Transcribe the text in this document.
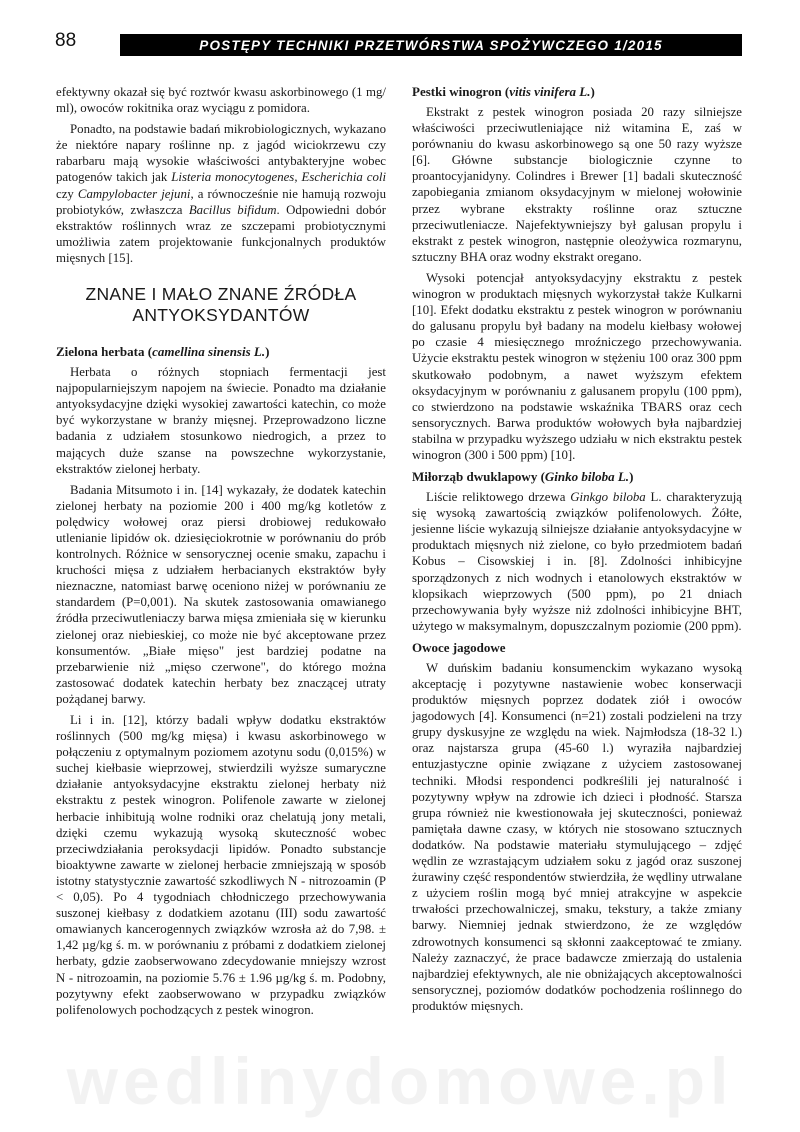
88	POSTĘPY TECHNIKI PRZETWÓRSTWA SPOŻYWCZEGO 1/2015

efektywny okazał się być roztwór kwasu askorbinowego (1 mg/ ml), owoców rokitnika oraz wyciągu z pomidora.

Ponadto, na podstawie badań mikrobiologicznych, wykazano że niektóre napary roślinne np. z jagód wiciokrzewu czy rabarbaru mają wysokie właściwości antybakteryjne wobec patogenów takich jak Listeria monocytogenes, Escherichia coli czy Campylobacter jejuni, a równocześnie nie hamują rozwoju probiotyków, zwłaszcza Bacillus bifidum. Odpowiedni dobór ekstraktów roślinnych wraz ze szczepami probiotycznymi umożliwia zatem projektowanie funkcjonalnych produktów mięsnych [15].

ZNANE I MAŁO ZNANE ŹRÓDŁA ANTYOKSYDANTÓW
Zielona herbata (camellina sinensis L.)

Herbata o różnych stopniach fermentacji jest najpopularniejszym napojem na świecie. Ponadto ma działanie antyoksydacyjne dzięki wysokiej zawartości katechin, co może być wykorzystane w branży mięsnej. Przeprowadzono liczne badania z udziałem stosunkowo niedrogich, a przez to mających duże szanse na powszechne wykorzystanie, ekstraktów zielonej herbaty.

Badania Mitsumoto i in. [14] wykazały, że dodatek katechin zielonej herbaty na poziomie 200 i 400 mg/kg kotletów z polędwicy wołowej oraz piersi drobiowej redukowało utlenianie lipidów ok. dziesięciokrotnie w porównaniu do prób kontrolnych. Różnice w sensorycznej ocenie smaku, zapachu i kruchości mięsa z udziałem herbacianych ekstraktów były nieznaczne, natomiast barwę oceniono niżej w porównaniu ze standardem (P=0,001). Na skutek zastosowania omawianego źródła przeciwutleniaczy barwa mięsa zmieniała się w kierunku zielonej oraz niebieskiej, co może nie być akceptowane przez konsumentów. „Białe mięso" jest bardziej podatne na przebarwienie niż „mięso czerwone", do którego można zastosować dodatek katechin herbaty bez znaczącej utraty pożądanej barwy.

Li i in. [12], którzy badali wpływ dodatku ekstraktów roślinnych (500 mg/kg mięsa) i kwasu askorbinowego w połączeniu z optymalnym poziomem azotynu sodu (0,015%) w suchej kiełbasie wieprzowej, stwierdzili wyższe sumaryczne działanie antyoksydacyjne ekstraktu zielonej herbaty niż ekstraktu z pestek winogron. Polifenole zawarte w zielonej herbacie inhibitują wolne rodniki oraz chelatują jony metali, dzięki czemu wykazują wysoką skuteczność wobec przeciwdziałania peroksydacji lipidów. Ponadto substancje bioaktywne zawarte w zielonej herbacie zmniejszają w sposób istotny statystycznie zawartość szkodliwych N - nitrozoamin (P < 0,05). Po 4 tygodniach chłodniczego przechowywania suszonej kiełbasy z dodatkiem azotanu (III) sodu zawartość omawianych kancerogennych związków wzrosła aż do 7,98. ± 1,42 µg/kg ś. m. w porównaniu z próbami z dodatkiem zielonej herbaty, gdzie zaobserwowano zdecydowanie mniejszy wzrost N - nitrozoamin, na poziomie 5.76 ± 1.96 µg/kg ś. m. Podobny, pozytywny efekt zaobserwowano w przypadku związków polifenolowych pochodzących z pestek winogron.

Pestki winogron (vitis vinifera L.)

Ekstrakt z pestek winogron posiada 20 razy silniejsze właściwości przeciwutleniające niż witamina E, zaś w porównaniu do kwasu askorbinowego są one 50 razy wyższe [6]. Główne substancje biologicznie czynne to proantocyjanidyny. Colindres i Brewer [1] badali skuteczność zapobiegania zmianom oksydacyjnym w mielonej wołowinie przez wybrane ekstrakty roślinne oraz sztuczne przeciwutleniacze. Najefektywniejszy był galusan propylu i ekstrakt z pestek winogron, następnie oleożywica rozmarynu, sztuczny BHA oraz wodny ekstrakt oregano.

Wysoki potencjał antyoksydacyjny ekstraktu z pestek winogron w produktach mięsnych wykorzystał także Kulkarni [10]. Efekt dodatku ekstraktu z pestek winogron w porównaniu do galusanu propylu był badany na modelu kiełbasy wołowej po czasie 4 miesięcznego mroźniczego przechowywania. Użycie ekstraktu pestek winogron w stężeniu 100 oraz 300 ppm skutkowało podobnym, a nawet wyższym efektem oksydacyjnym w porównaniu z galusanem propylu (100 ppm), co stwierdzono na podstawie wskaźnika TBARS oraz cech sensorycznych. Barwa produktów wołowych była najbardziej stabilna w przypadku wyższego udziału w nich ekstraktu pestek winogron (300 i 500 ppm) [10].

Miłorząb dwuklapowy (Ginko biloba L.)

Liście reliktowego drzewa Ginkgo biloba L. charakteryzują się wysoką zawartością związków polifenolowych. Żółte, jesienne liście wykazują silniejsze działanie antyoksydacyjne w produktach mięsnych niż zielone, co było przedmiotem badań Kobus – Cisowskiej i in. [8]. Zdolności inhibicyjne sporządzonych z nich wodnych i etanolowych ekstraktów w klopsikach wieprzowych (500 ppm), po 21 dniach przechowywania były wyższe niż zdolności inhibicyjne BHT, użytego w maksymalnym, dopuszczalnym poziomie (200 ppm).

Owoce jagodowe

W duńskim badaniu konsumenckim wykazano wysoką akceptację i pozytywne nastawienie wobec konserwacji produktów mięsnych poprzez dodatek ziół i owoców jagodowych [4]. Konsumenci (n=21) zostali podzieleni na trzy grupy dyskusyjne ze względu na wiek. Najmłodsza (18-32 l.) oraz najstarsza grupa (45-60 l.) wyraziła najbardziej entuzjastyczne opinie związane z użyciem zastosowanej techniki. Młodsi respondenci podkreślili jej naturalność i pozytywny wpływ na zdrowie ich dzieci i płodność. Starsza grupa również nie kwestionowała jej skuteczności, ponieważ pamiętała dawne czasy, w których nie stosowano sztucznych dodatków. Na podstawie materiału stymulującego – zdjęć wędlin ze wzrastającym udziałem soku z jagód oraz suszonej żurawiny część respondentów stwierdziła, że wędliny utrwalane z użyciem roślin mogą być mniej atrakcyjne w aspekcie trwałości przechowalniczej, smaku, tekstury, a także zmiany barwy. Niemniej jednak stwierdzono, że ze względów zdrowotnych konsumenci są skłonni zaakceptować te zmiany. Należy zaznaczyć, że prace badawcze zmierzają do ustalenia najbardziej efektywnych, ale nie obniżających akceptowalności sensorycznej, poziomów dodatków pochodzenia roślinnego do produktów mięsnych.

wedlinydomowe.pl
